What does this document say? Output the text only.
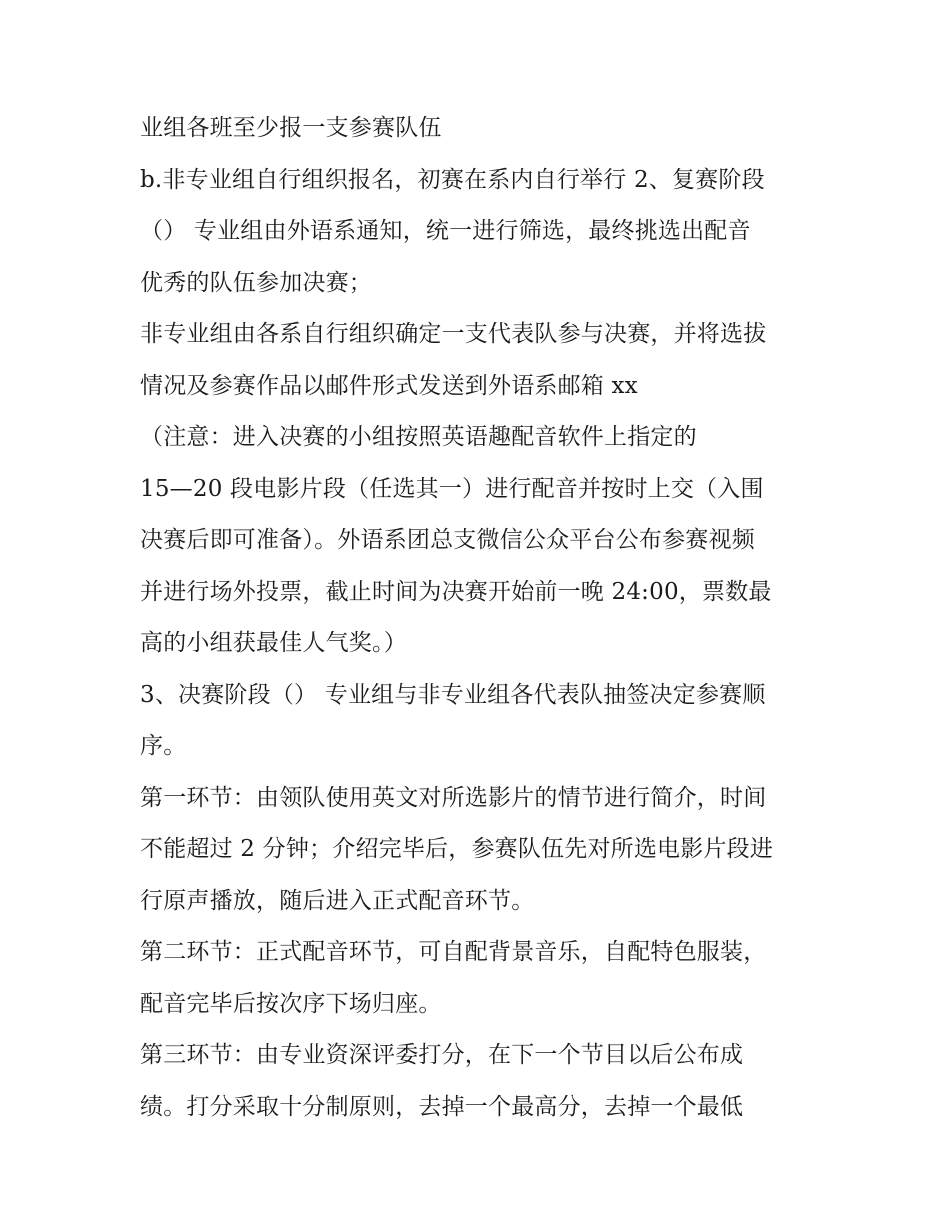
业组各班至少报一支参赛队伍
b.非专业组自行组织报名，初赛在系内自行举行 2、复赛阶段
（） 专业组由外语系通知，统一进行筛选，最终挑选出配音
优秀的队伍参加决赛；
非专业组由各系自行组织确定一支代表队参与决赛，并将选拔
情况及参赛作品以邮件形式发送到外语系邮箱 xx
（注意：进入决赛的小组按照英语趣配音软件上指定的
15—20 段电影片段（任选其一）进行配音并按时上交（入围
决赛后即可准备）。外语系团总支微信公众平台公布参赛视频
并进行场外投票，截止时间为决赛开始前一晚 24:00，票数最
高的小组获最佳人气奖。）
3、决赛阶段（） 专业组与非专业组各代表队抽签决定参赛顺
序。
第一环节：由领队使用英文对所选影片的情节进行简介，时间
不能超过 2 分钟；介绍完毕后，参赛队伍先对所选电影片段进
行原声播放，随后进入正式配音环节。
第二环节：正式配音环节，可自配背景音乐，自配特色服装，
配音完毕后按次序下场归座。
第三环节：由专业资深评委打分，在下一个节目以后公布成
绩。打分采取十分制原则，去掉一个最高分，去掉一个最低
